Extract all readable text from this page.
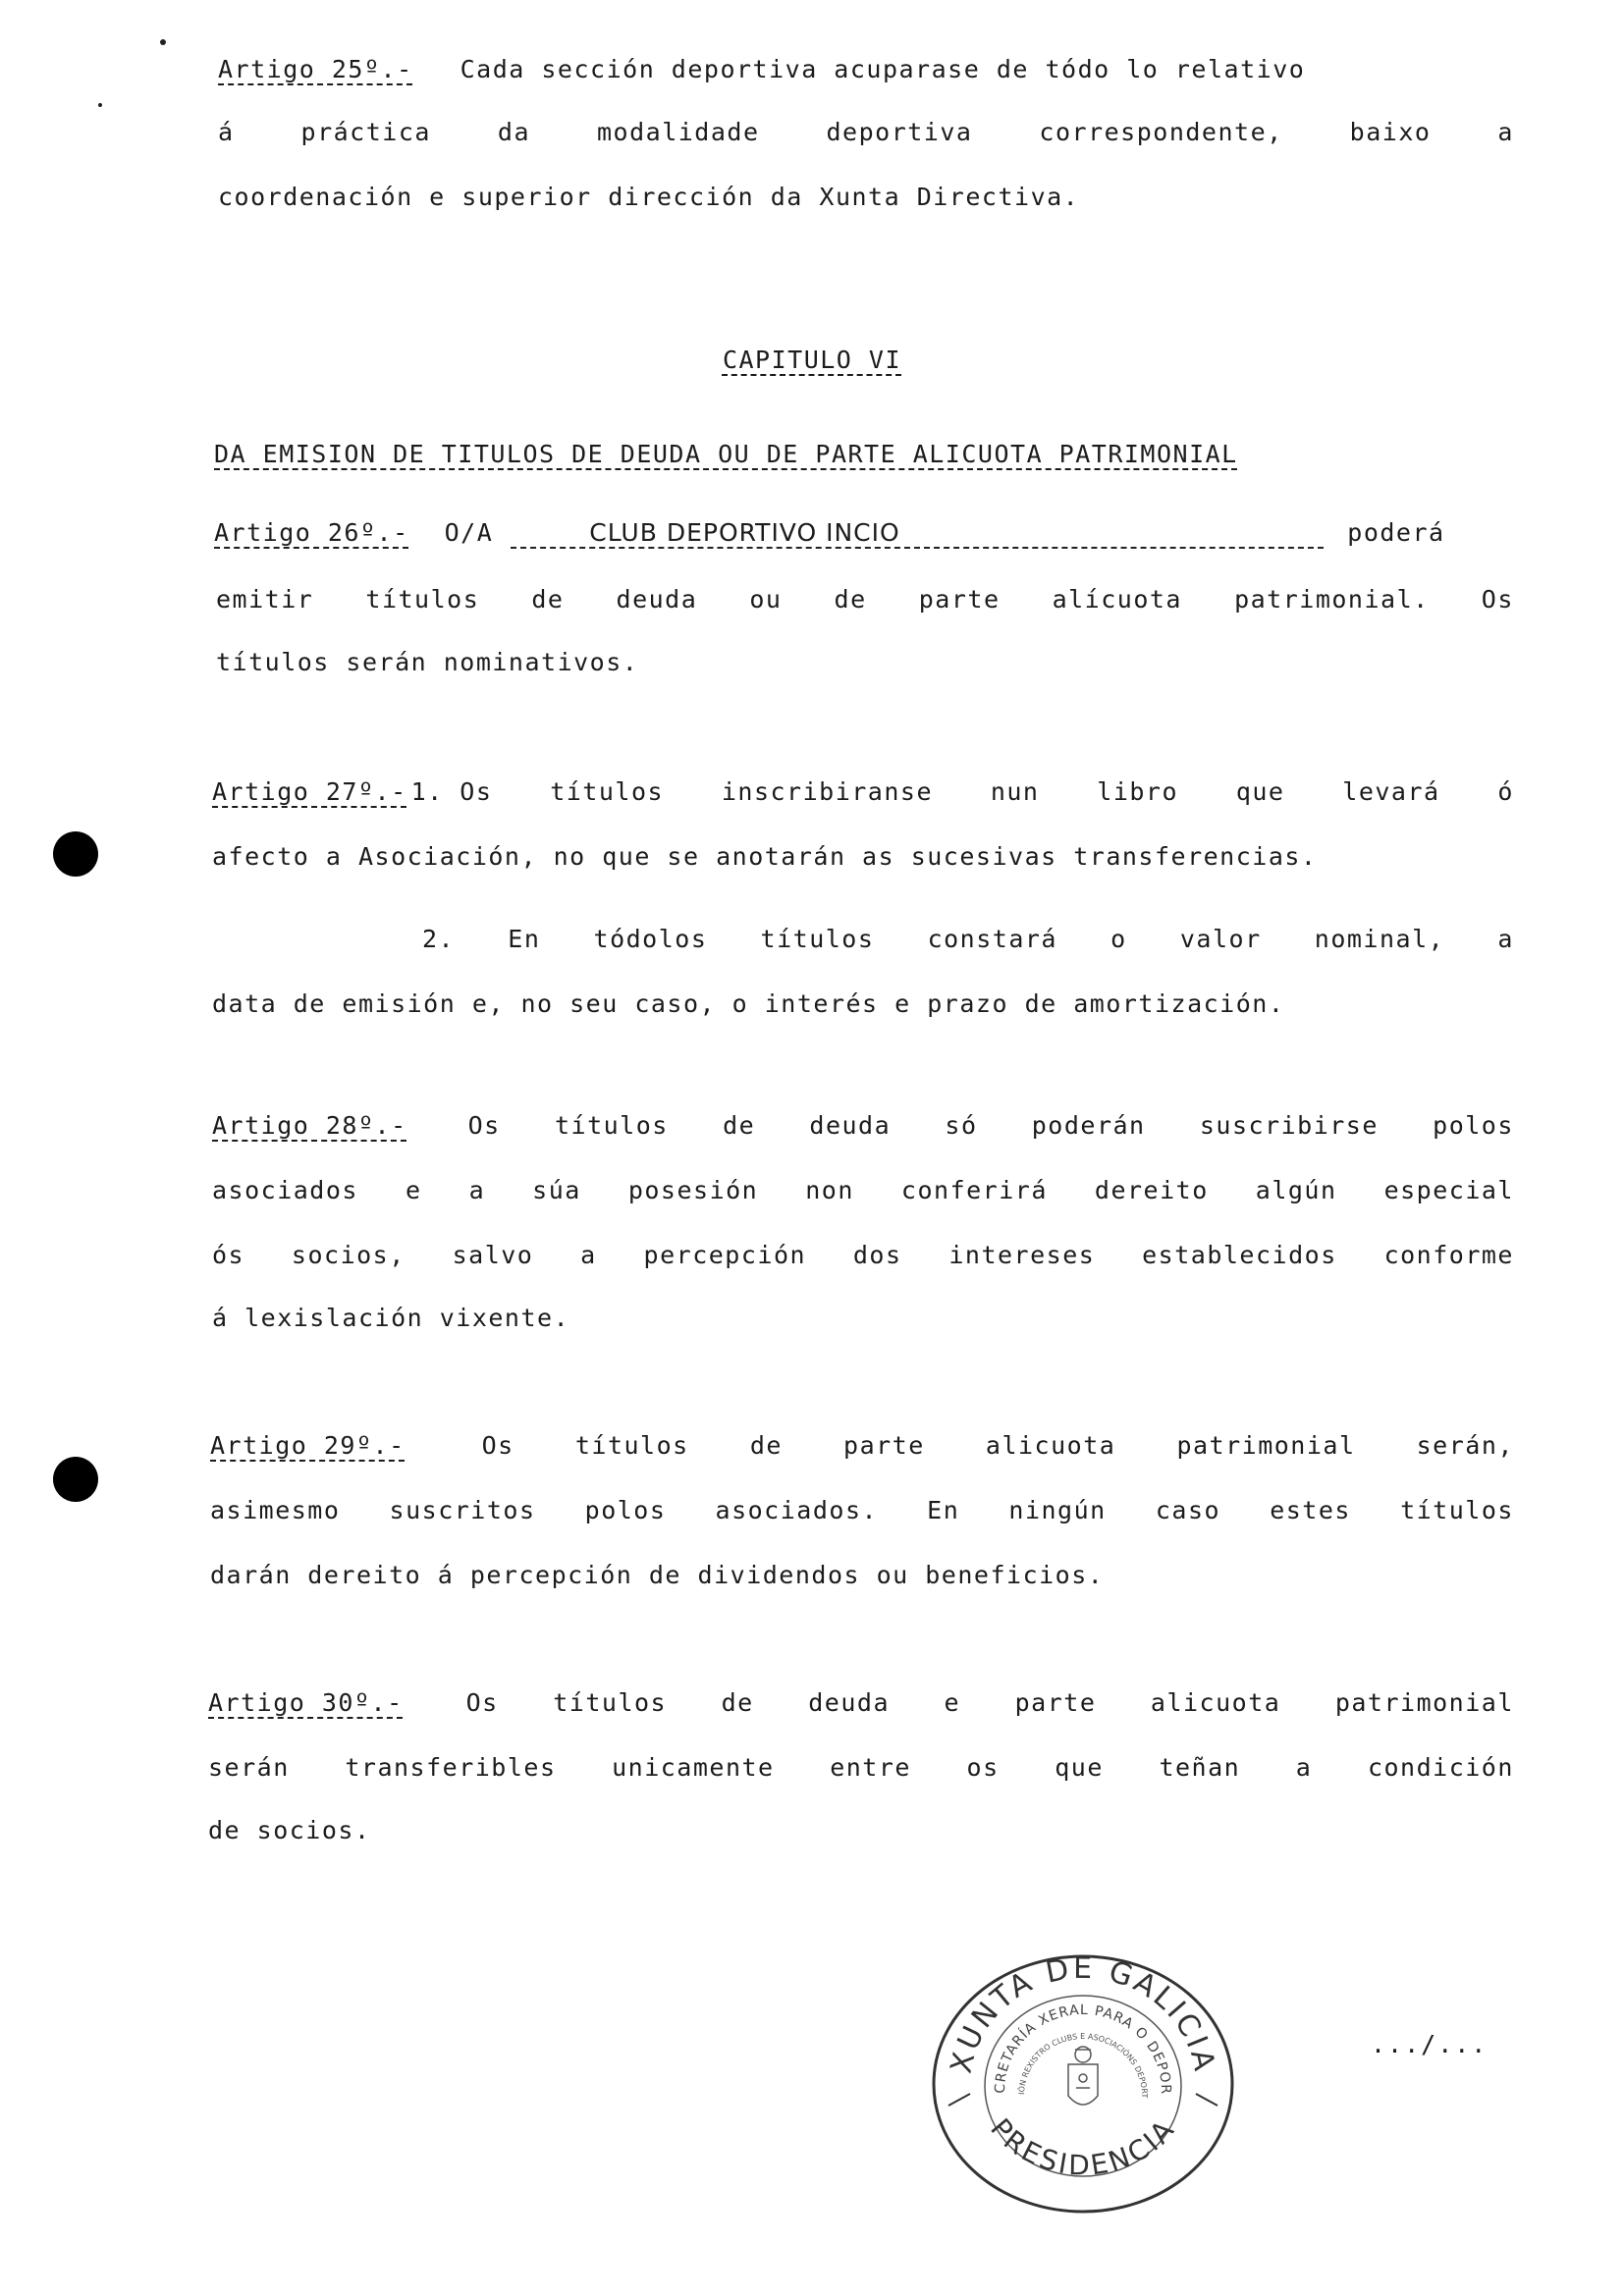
Artigo 25º.- Cada sección deportiva acuparase de tódo lo relativo
á	práctica	da	modalidade	deportiva	correspondente,	baixo	a
coordenación e superior dirección da Xunta Directiva.
CAPITULO VI
DA EMISION DE TITULOS DE DEUDA OU DE PARTE ALICUOTA PATRIMONIAL
Artigo 26º.- O/A	CLUB DEPORTIVO INCIO	poderá
emitir títulos de deuda ou de parte alícuota patrimonial. Os
títulos serán nominativos.
Artigo 27º.- 1. Os títulos inscribiranse nun libro que levará ó
afecto a Asociación, no que se anotarán as sucesivas transferencias.
2. En tódolos títulos constará o valor nominal, a
data de emisión e, no seu caso, o interés e prazo de amortización.
Artigo 28º.- Os títulos de deuda só poderán suscribirse polos
asociados e a súa posesión non conferirá dereito algún especial
ós socios, salvo a percepción dos intereses establecidos conforme
á lexislación vixente.
Artigo 29º.-	Os títulos de parte alicuota patrimonial serán,
asimesmo suscritos polos asociados. En ningún caso estes títulos
darán dereito á percepción de dividendos ou beneficios.
Artigo 30º.-	Os títulos de deuda e parte alicuota patrimonial
serán transferibles unicamente entre os que teñan a condición
de socios.
XUNTA DE GALICIA
CRETARÍA XERAL PARA O DEPOR
IÓN REXISTRO CLUBS E ASOCIACIÓNS DEPORT
PRESIDENCIA
.../...
